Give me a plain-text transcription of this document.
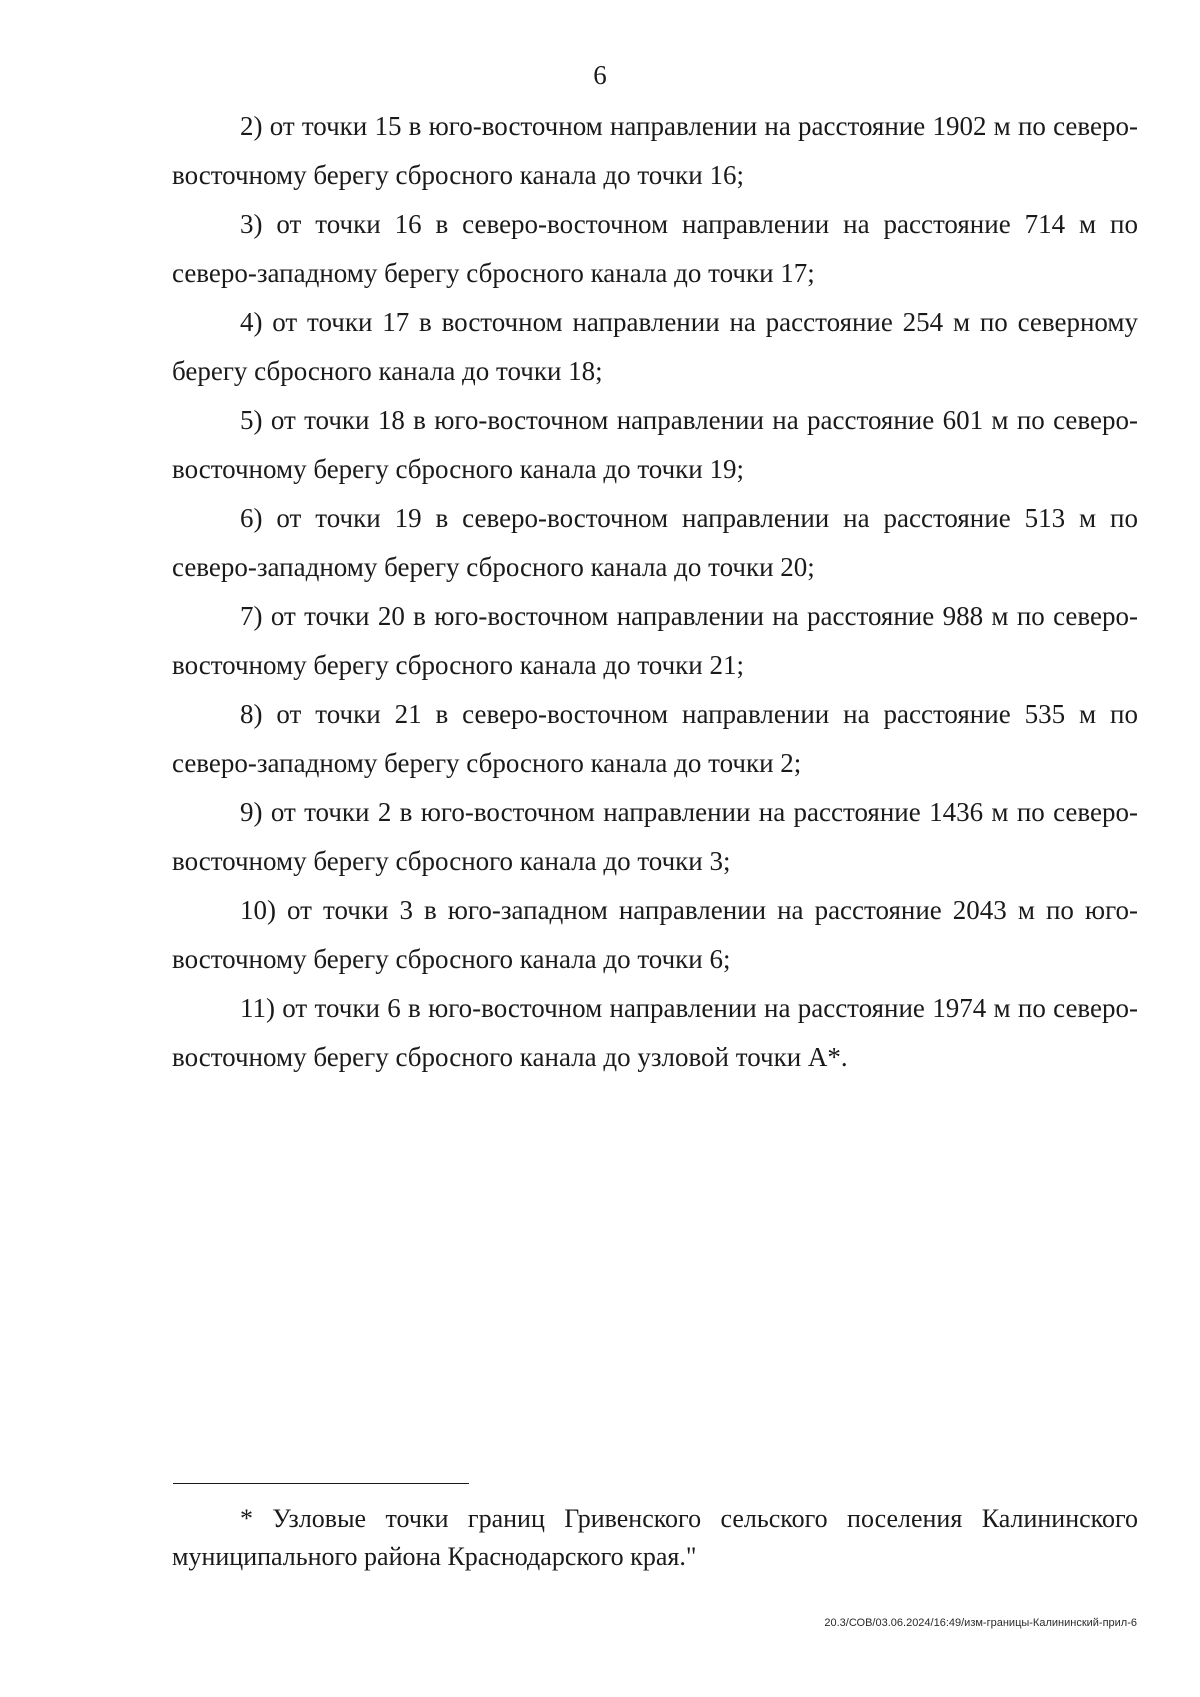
6

2) от точки 15 в юго-восточном направлении на расстояние 1902 м по северо-восточному берегу сбросного канала до точки 16;

3) от точки 16 в северо-восточном направлении на расстояние 714 м по северо-западному берегу сбросного канала до точки 17;

4) от точки 17 в восточном направлении на расстояние 254 м по северному берегу сбросного канала до точки 18;

5) от точки 18 в юго-восточном направлении на расстояние 601 м по северо-восточному берегу сбросного канала до точки 19;

6) от точки 19 в северо-восточном направлении на расстояние 513 м по северо-западному берегу сбросного канала до точки 20;

7) от точки 20 в юго-восточном направлении на расстояние 988 м по северо-восточному берегу сбросного канала до точки 21;

8) от точки 21 в северо-восточном направлении на расстояние 535 м по северо-западному берегу сбросного канала до точки 2;

9) от точки 2 в юго-восточном направлении на расстояние 1436 м по северо-восточному берегу сбросного канала до точки 3;

10) от точки 3 в юго-западном направлении на расстояние 2043 м по юго-восточному берегу сбросного канала до точки 6;

11) от точки 6 в юго-восточном направлении на расстояние 1974 м по северо-восточному берегу сбросного канала до узловой точки А*.

* Узловые точки границ Гривенского сельского поселения Калининского муниципального района Краснодарского края."

20.3/СОВ/03.06.2024/16:49/изм-границы-Калининский-прил-6
